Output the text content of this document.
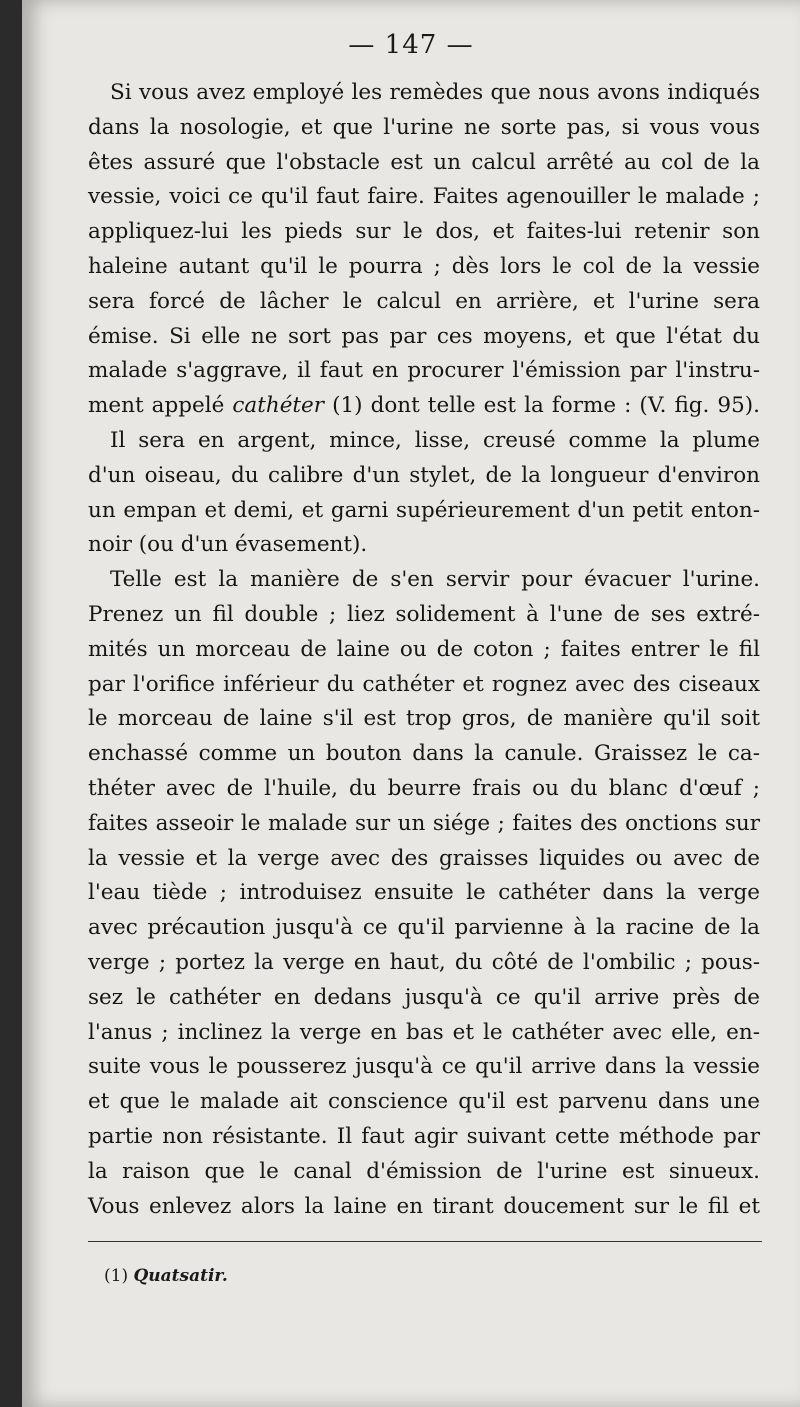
— 147 —

Si vous avez employé les remèdes que nous avons indiqués
dans la nosologie, et que l'urine ne sorte pas, si vous vous
êtes assuré que l'obstacle est un calcul arrêté au col de la
vessie, voici ce qu'il faut faire. Faites agenouiller le malade ;
appliquez-lui les pieds sur le dos, et faites-lui retenir son
haleine autant qu'il le pourra ; dès lors le col de la vessie
sera forcé de lâcher le calcul en arrière, et l'urine sera
émise. Si elle ne sort pas par ces moyens, et que l'état du
malade s'aggrave, il faut en procurer l'émission par l'instru-
ment appelé cathéter (1) dont telle est la forme : (V. fig. 95).

Il sera en argent, mince, lisse, creusé comme la plume
d'un oiseau, du calibre d'un stylet, de la longueur d'environ
un empan et demi, et garni supérieurement d'un petit enton-
noir (ou d'un évasement).

Telle est la manière de s'en servir pour évacuer l'urine.
Prenez un fil double ; liez solidement à l'une de ses extré-
mités un morceau de laine ou de coton ; faites entrer le fil
par l'orifice inférieur du cathéter et rognez avec des ciseaux
le morceau de laine s'il est trop gros, de manière qu'il soit
enchassé comme un bouton dans la canule. Graissez le ca-
théter avec de l'huile, du beurre frais ou du blanc d'œuf ;
faites asseoir le malade sur un siége ; faites des onctions sur
la vessie et la verge avec des graisses liquides ou avec de
l'eau tiède ; introduisez ensuite le cathéter dans la verge
avec précaution jusqu'à ce qu'il parvienne à la racine de la
verge ; portez la verge en haut, du côté de l'ombilic ; pous-
sez le cathéter en dedans jusqu'à ce qu'il arrive près de
l'anus ; inclinez la verge en bas et le cathéter avec elle, en-
suite vous le pousserez jusqu'à ce qu'il arrive dans la vessie
et que le malade ait conscience qu'il est parvenu dans une
partie non résistante. Il faut agir suivant cette méthode par
la raison que le canal d'émission de l'urine est sinueux.
Vous enlevez alors la laine en tirant doucement sur le fil et

(1) Quatsatir.
